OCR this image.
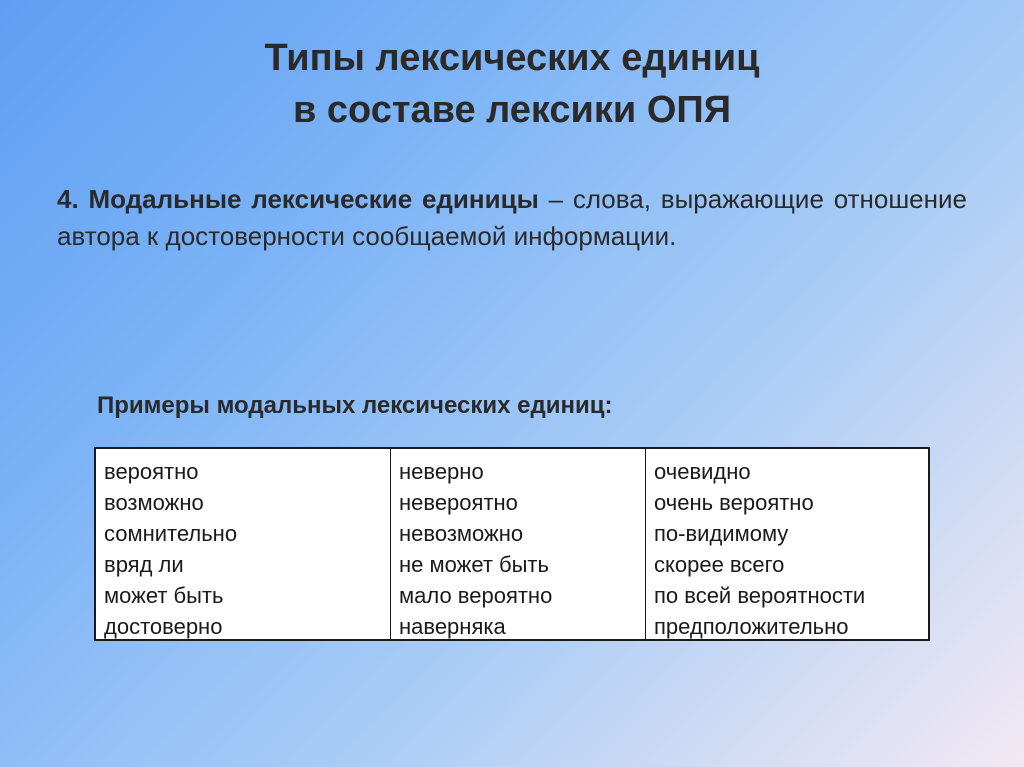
Типы лексических единиц
в составе лексики ОПЯ
4. Модальные лексические единицы – слова, выражающие отношение автора к достоверности сообщаемой информации.
Примеры модальных лексических единиц:
вероятно
возможно
сомнительно
вряд ли
может быть
достоверно
неверно
невероятно
невозможно
не может быть
мало вероятно
наверняка
очевидно
очень вероятно
по-видимому
скорее всего
по всей вероятности
предположительно
